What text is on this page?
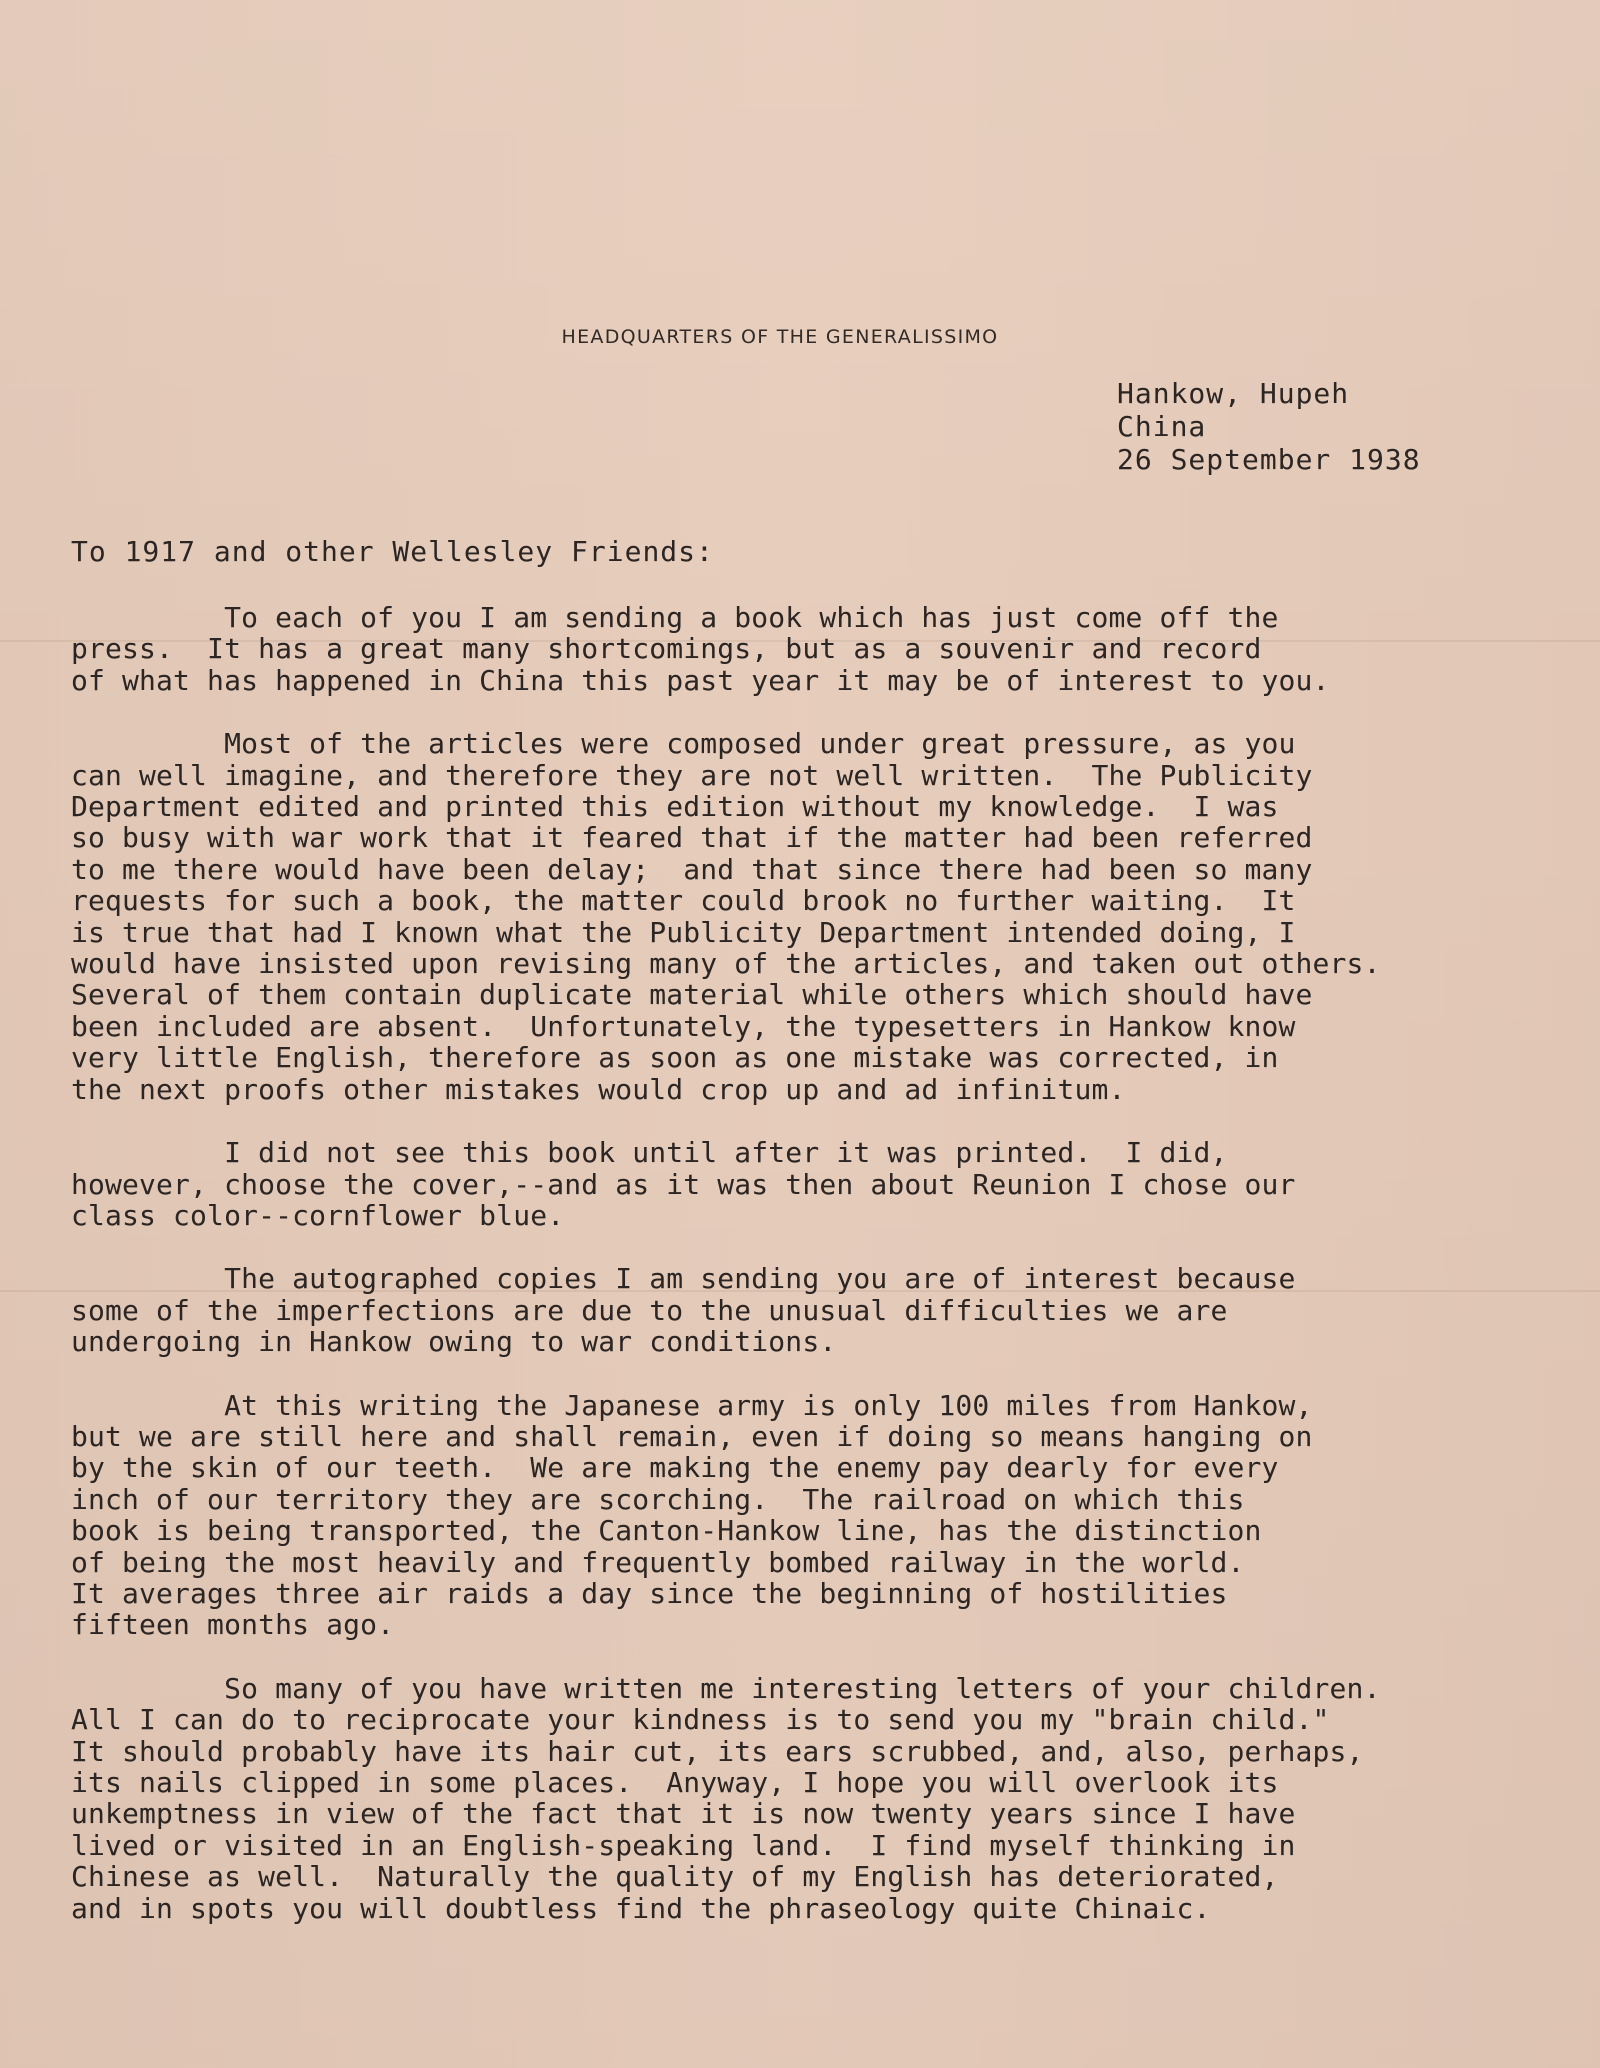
HEADQUARTERS OF THE GENERALISSIMO
Hankow, Hupeh
China
26 September 1938
To 1917 and other Wellesley Friends:
To each of you I am sending a book which has just come off the
press.  It has a great many shortcomings, but as a souvenir and record
of what has happened in China this past year it may be of interest to you.
Most of the articles were composed under great pressure, as you
can well imagine, and therefore they are not well written.  The Publicity
Department edited and printed this edition without my knowledge.  I was
so busy with war work that it feared that if the matter had been referred
to me there would have been delay;  and that since there had been so many
requests for such a book, the matter could brook no further waiting.  It
is true that had I known what the Publicity Department intended doing, I
would have insisted upon revising many of the articles, and taken out others.
Several of them contain duplicate material while others which should have
been included are absent.  Unfortunately, the typesetters in Hankow know
very little English, therefore as soon as one mistake was corrected, in
the next proofs other mistakes would crop up and ad infinitum.
I did not see this book until after it was printed.  I did,
however, choose the cover,--and as it was then about Reunion I chose our
class color--cornflower blue.
The autographed copies I am sending you are of interest because
some of the imperfections are due to the unusual difficulties we are
undergoing in Hankow owing to war conditions.
At this writing the Japanese army is only 100 miles from Hankow,
but we are still here and shall remain, even if doing so means hanging on
by the skin of our teeth.  We are making the enemy pay dearly for every
inch of our territory they are scorching.  The railroad on which this
book is being transported, the Canton-Hankow line, has the distinction
of being the most heavily and frequently bombed railway in the world.
It averages three air raids a day since the beginning of hostilities
fifteen months ago.
So many of you have written me interesting letters of your children.
All I can do to reciprocate your kindness is to send you my "brain child."
It should probably have its hair cut, its ears scrubbed, and, also, perhaps,
its nails clipped in some places.  Anyway, I hope you will overlook its
unkemptness in view of the fact that it is now twenty years since I have
lived or visited in an English-speaking land.  I find myself thinking in
Chinese as well.  Naturally the quality of my English has deteriorated,
and in spots you will doubtless find the phraseology quite Chinaic.
